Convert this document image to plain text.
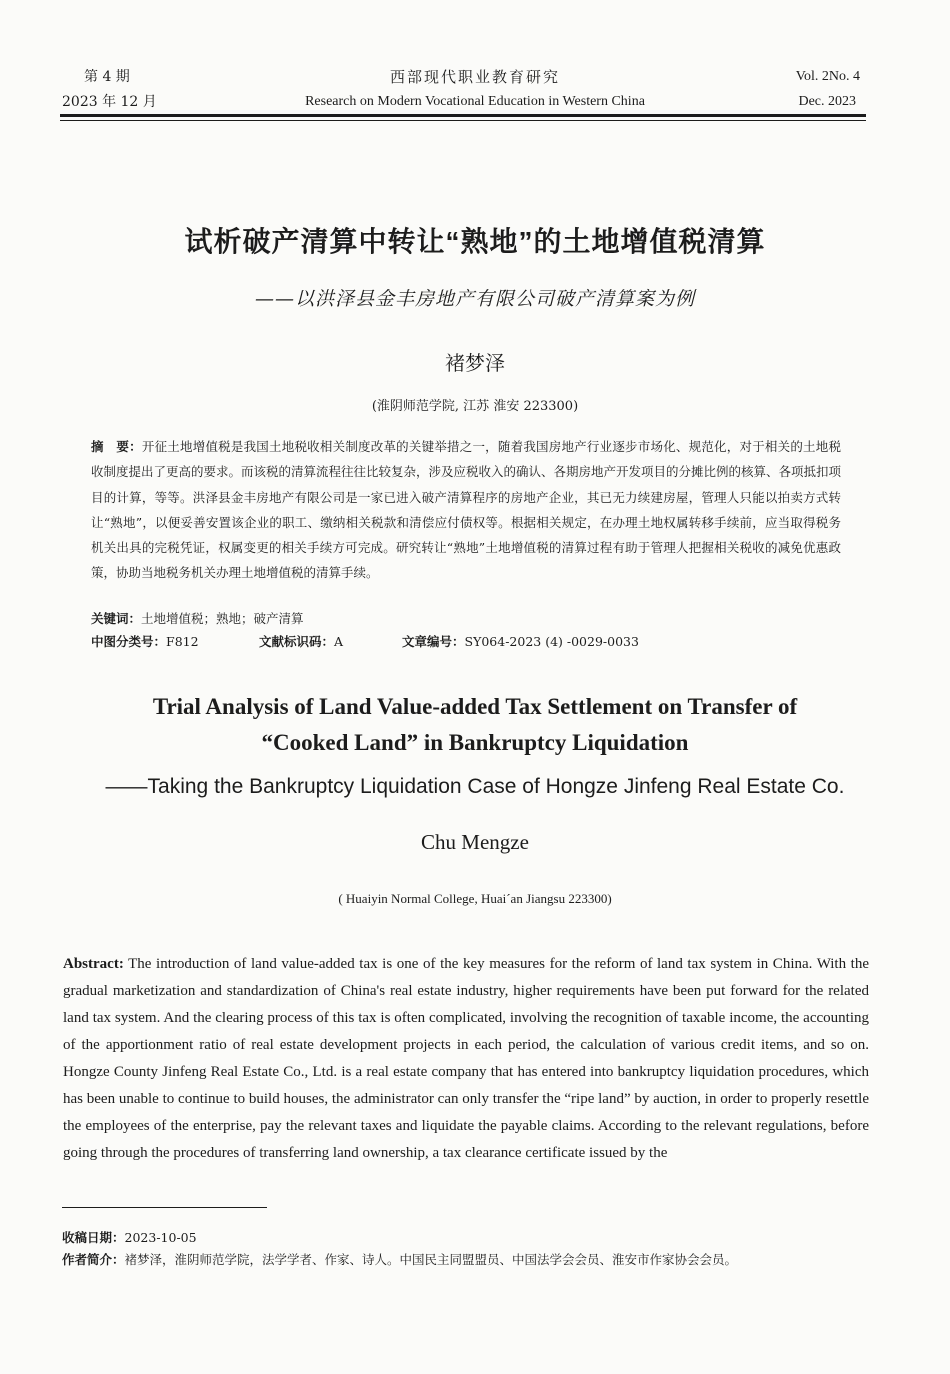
第 4 期
2023 年 12 月
西部现代职业教育研究
Research on Modern Vocational Education in Western China
Vol. 2No. 4
Dec. 2023
试析破产清算中转让“熟地”的土地增值税清算
——以洪泽县金丰房地产有限公司破产清算案为例
褚梦泽
(淮阴师范学院, 江苏 淮安 223300)
摘　要：开征土地增值税是我国土地税收相关制度改革的关键举措之一，随着我国房地产行业逐步市场化、规范化，对于相关的土地税收制度提出了更高的要求。而该税的清算流程往往比较复杂，涉及应税收入的确认、各期房地产开发项目的分摊比例的核算、各项抵扣项目的计算，等等。洪泽县金丰房地产有限公司是一家已进入破产清算程序的房地产企业，其已无力续建房屋，管理人只能以拍卖方式转让“熟地”，以便妥善安置该企业的职工、缴纳相关税款和清偿应付债权等。根据相关规定，在办理土地权属转移手续前，应当取得税务机关出具的完税凭证，权属变更的相关手续方可完成。研究转让“熟地”土地增值税的清算过程有助于管理人把握相关税收的减免优惠政策，协助当地税务机关办理土地增值税的清算手续。
关键词：土地增值税；熟地；破产清算
中图分类号：F812	文献标识码：A	文章编号：SY064-2023 (4) -0029-0033
Trial Analysis of Land Value-added Tax Settlement on Transfer of
“Cooked Land” in Bankruptcy Liquidation
——Taking the Bankruptcy Liquidation Case of Hongze Jinfeng Real Estate Co.
Chu Mengze
( Huaiyin Normal College, Huai´an Jiangsu 223300)
Abstract: The introduction of land value-added tax is one of the key measures for the reform of land tax system in China. With the gradual marketization and standardization of China's real estate industry, higher requirements have been put forward for the related land tax system. And the clearing process of this tax is often complicated, involving the recognition of taxable income, the accounting of the apportionment ratio of real estate development projects in each period, the calculation of various credit items, and so on. Hongze County Jinfeng Real Estate Co., Ltd. is a real estate company that has entered into bankruptcy liquidation procedures, which has been unable to continue to build houses, the administrator can only transfer the “ripe land” by auction, in order to properly resettle the employees of the enterprise, pay the relevant taxes and liquidate the payable claims. According to the relevant regulations, before going through the procedures of transferring land ownership, a tax clearance certificate issued by the
收稿日期：2023-10-05
作者简介：褚梦泽，淮阴师范学院，法学学者、作家、诗人。中国民主同盟盟员、中国法学会会员、淮安市作家协会会员。
